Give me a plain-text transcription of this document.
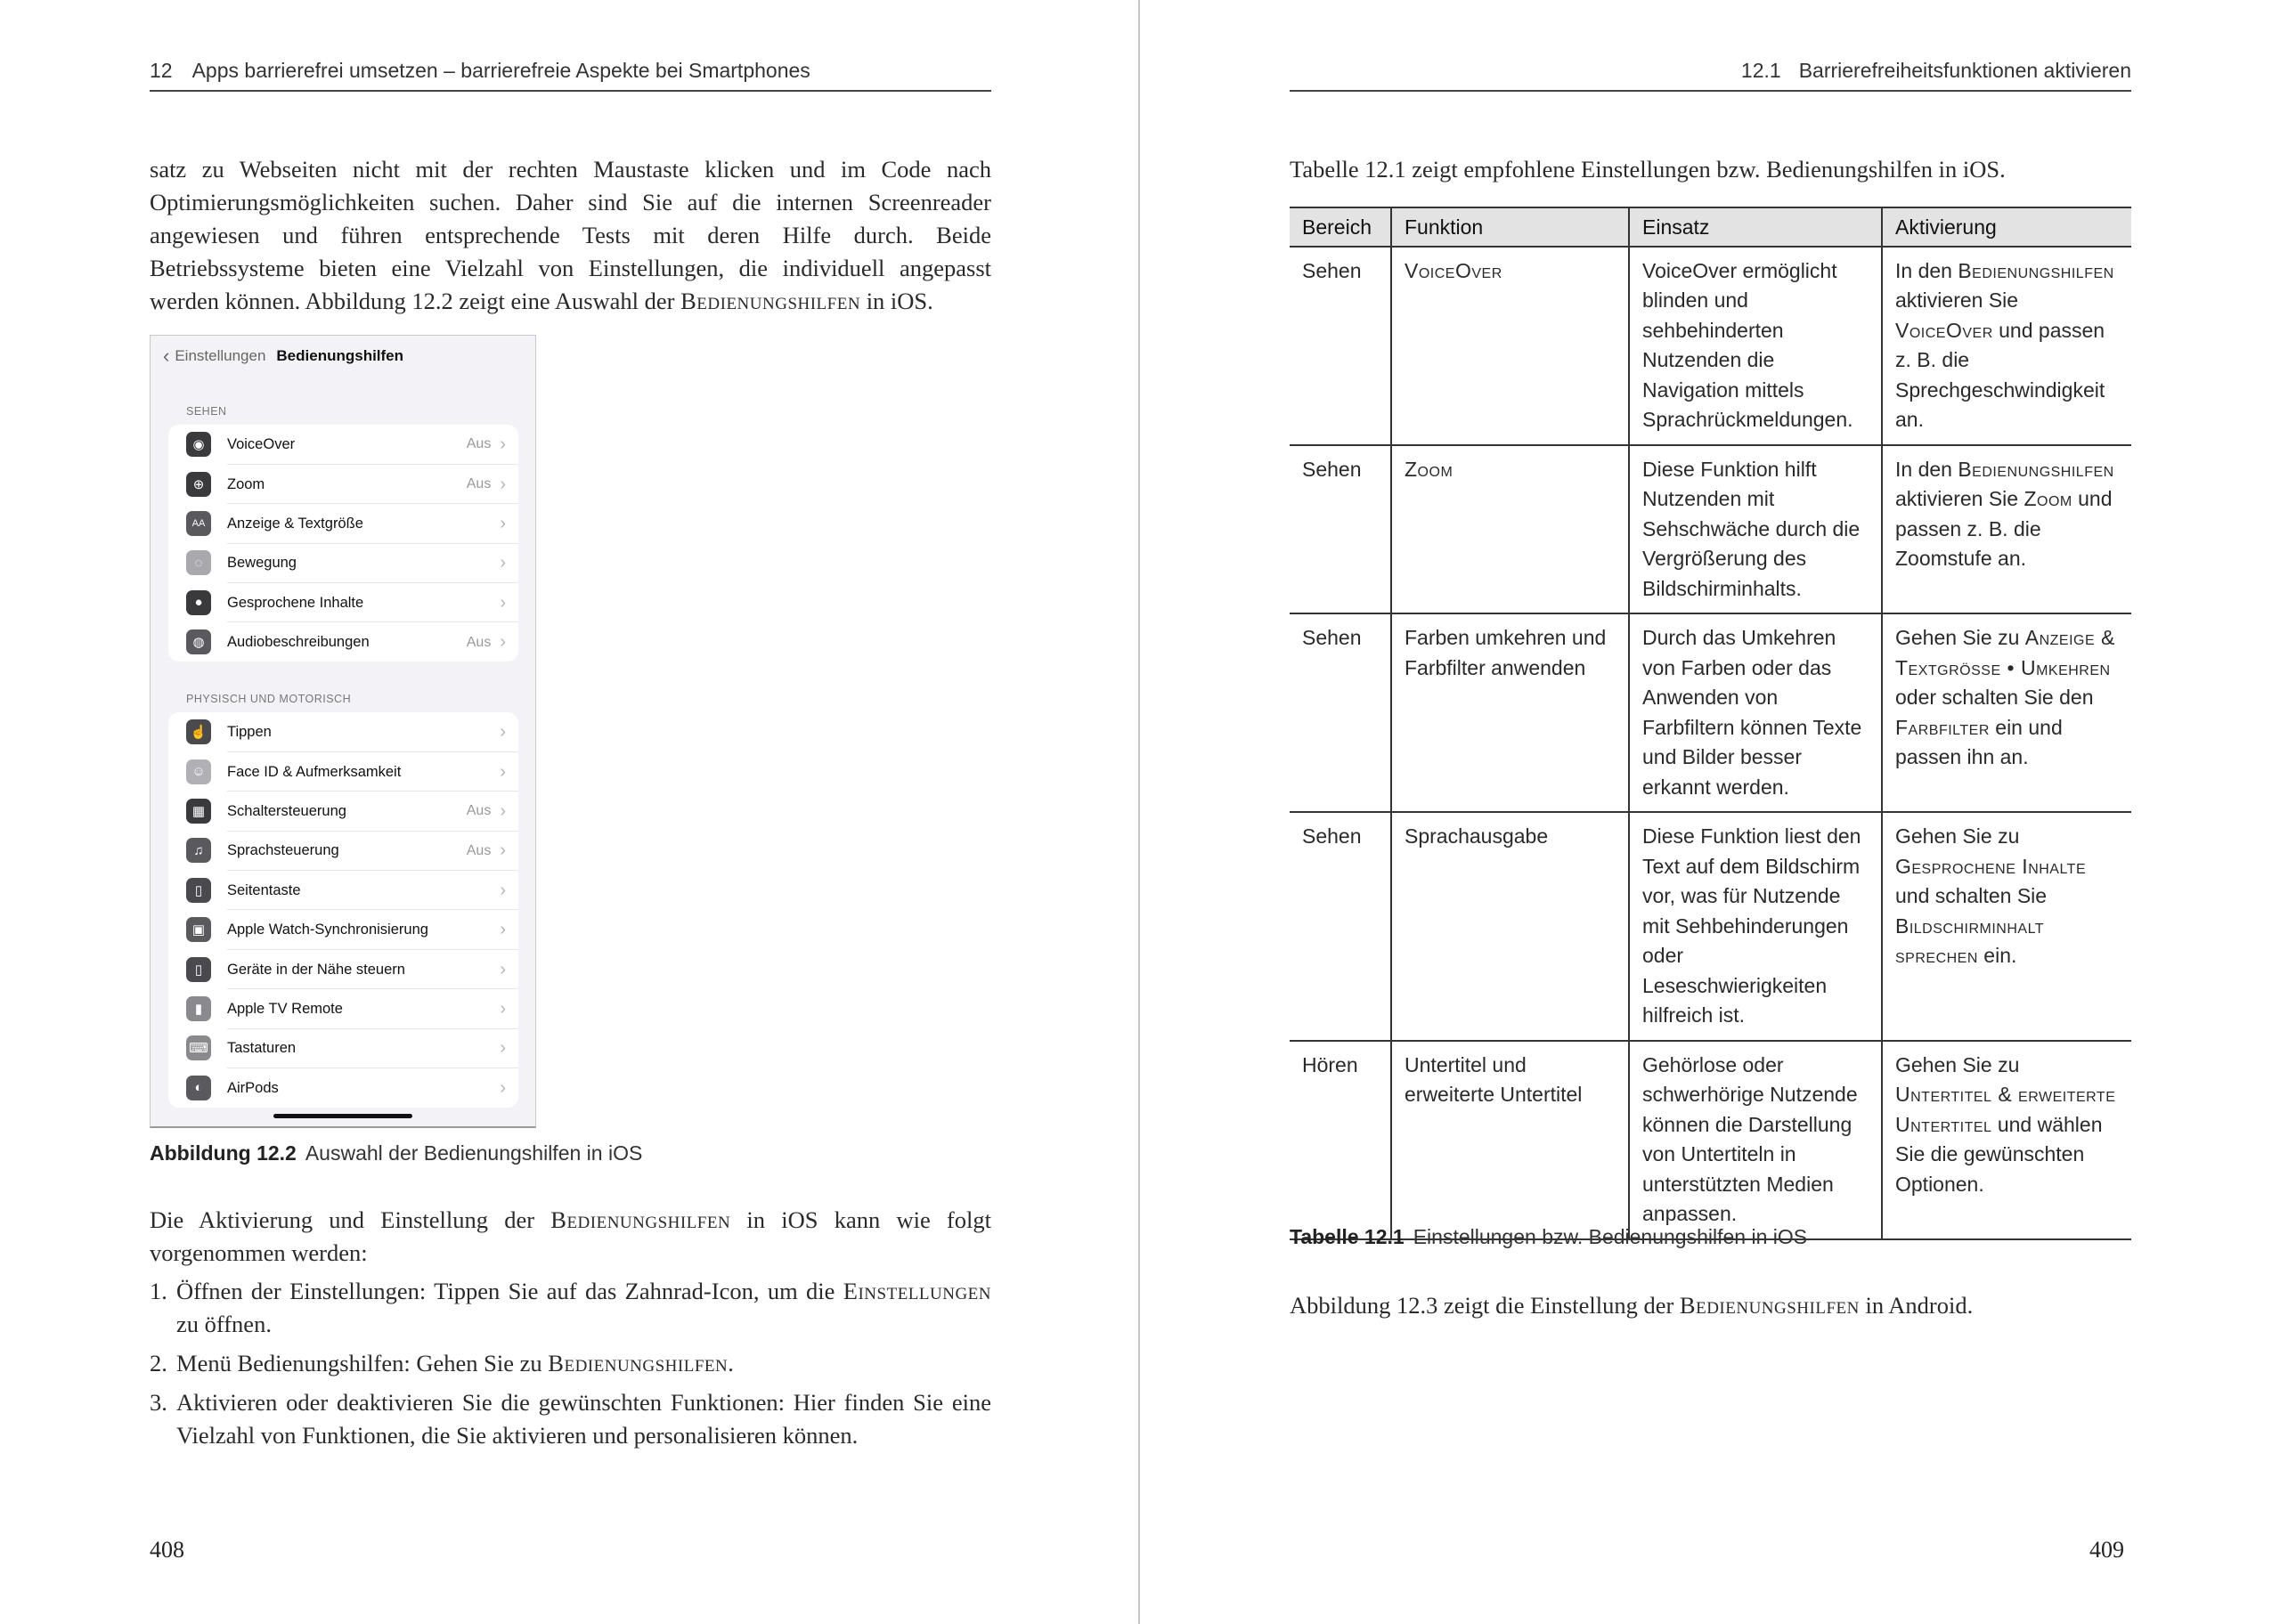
12 Apps barrierefrei umsetzen – barrierefreie Aspekte bei Smartphones
satz zu Webseiten nicht mit der rechten Maustaste klicken und im Code nach Optimierungsmöglichkeiten suchen. Daher sind Sie auf die internen Screenreader angewiesen und führen entsprechende Tests mit deren Hilfe durch. Beide Betriebssysteme bieten eine Vielzahl von Einstellungen, die individuell angepasst werden können. Abbildung 12.2 zeigt eine Auswahl der Bedienungshilfen in iOS.
‹ Einstellungen Bedienungshilfen
SEHEN
◉	VoiceOver	Aus ›
⊕	Zoom	Aus ›
AA	Anzeige & Textgröße	›
◌	Bewegung	›
●	Gesprochene Inhalte	›
◍	Audiobeschreibungen	Aus ›
PHYSISCH UND MOTORISCH
☝ Tippen	›
☺	Face ID & Aufmerksamkeit	›
▦	Schaltersteuerung	Aus ›
♫	Sprachsteuerung	Aus ›
▯	Seitentaste	›
▣	Apple Watch-Synchronisierung	›
▯	Geräte in der Nähe steuern	›
▮	Apple TV Remote	›
⌨ Tastaturen	›
◐	AirPods	›
Abbildung 12.2 Auswahl der Bedienungshilfen in iOS
Die Aktivierung und Einstellung der Bedienungshilfen in iOS kann wie folgt vorgenommen werden:
1. Öffnen der Einstellungen: Tippen Sie auf das Zahnrad-Icon, um die Einstellungen zu öffnen.
2. Menü Bedienungshilfen: Gehen Sie zu Bedienungshilfen.
3. Aktivieren oder deaktivieren Sie die gewünschten Funktionen: Hier finden Sie eine Vielzahl von Funktionen, die Sie aktivieren und personalisieren können.
408
12.1 Barrierefreiheitsfunktionen aktivieren
Tabelle 12.1 zeigt empfohlene Einstellungen bzw. Bedienungshilfen in iOS.
Bereich	Funktion	Einsatz	Aktivierung
Sehen	VoiceOver	VoiceOver ermöglicht blinden und sehbehinderten Nutzenden die Navigation mittels Sprachrückmeldungen.	In den Bedienungshilfen aktivieren Sie VoiceOver und passen z. B. die Sprechgeschwindigkeit an.
Sehen	Zoom	Diese Funktion hilft Nutzenden mit Sehschwäche durch die Vergrößerung des Bildschirminhalts.	In den Bedienungshilfen aktivieren Sie Zoom und passen z. B. die Zoomstufe an.
Sehen	Farben umkehren und Farbfilter anwenden	Durch das Umkehren von Farben oder das Anwenden von Farbfiltern können Texte und Bilder besser erkannt werden.	Gehen Sie zu Anzeige & Textgrösse • Umkehren oder schalten Sie den Farbfilter ein und passen ihn an.
Sehen	Sprachausgabe	Diese Funktion liest den Text auf dem Bildschirm vor, was für Nutzende mit Sehbehinderungen oder Leseschwierigkeiten hilfreich ist.	Gehen Sie zu Gesprochene Inhalte und schalten Sie Bildschirminhalt sprechen ein.
Hören	Untertitel und erweiterte Untertitel	Gehörlose oder schwerhörige Nutzende können die Darstellung von Untertiteln in unterstützten Medien anpassen.	Gehen Sie zu Untertitel & erweiterte Untertitel und wählen Sie die gewünschten Optionen.
Tabelle 12.1 Einstellungen bzw. Bedienungshilfen in iOS
Abbildung 12.3 zeigt die Einstellung der Bedienungshilfen in Android.
409
